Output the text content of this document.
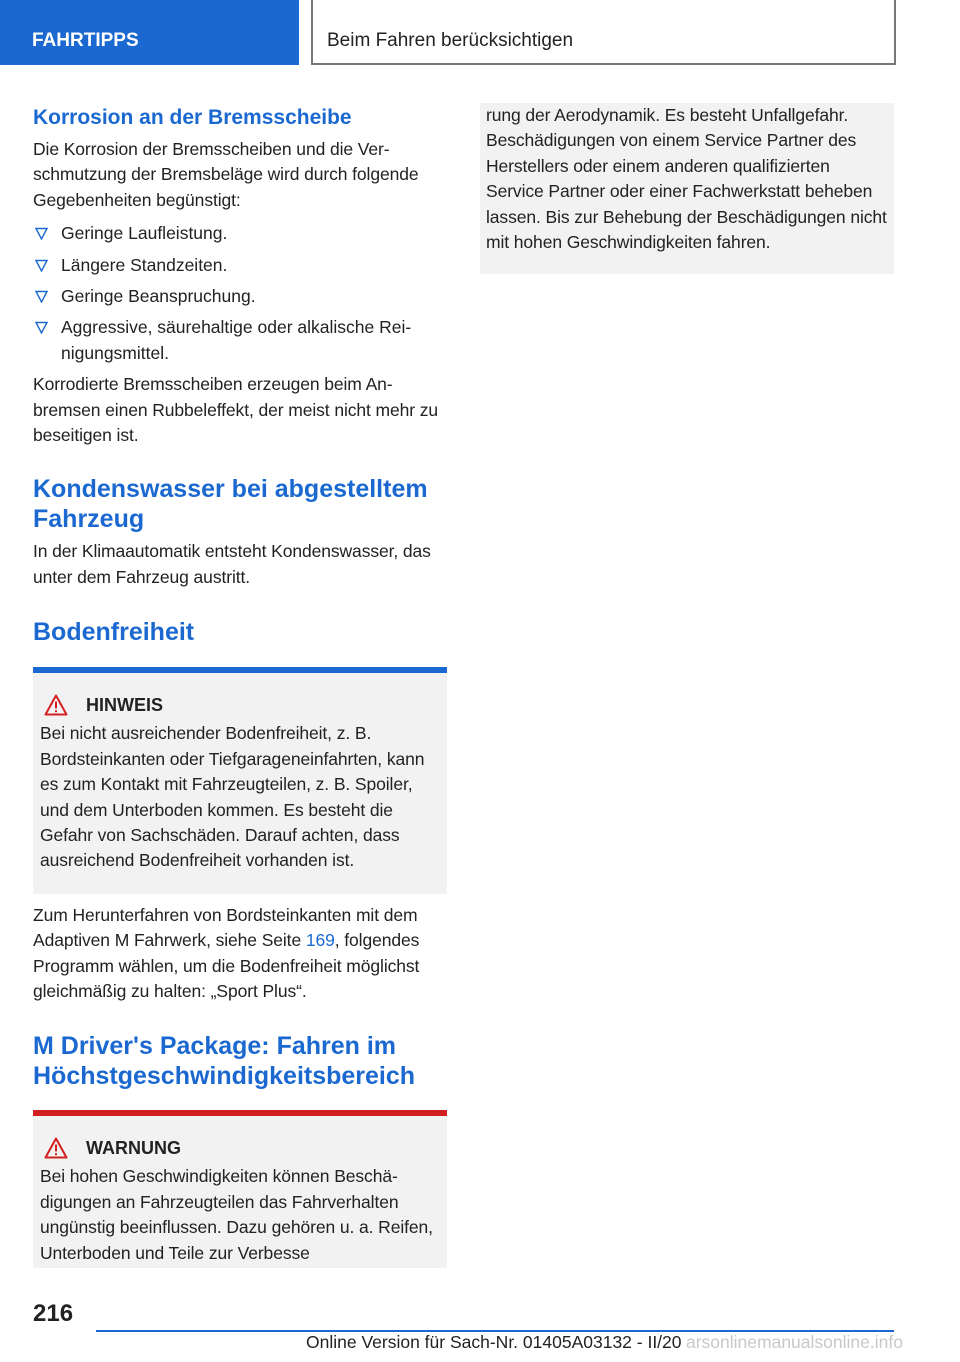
FAHRTIPPS	Beim Fahren berücksichtigen
Korrosion an der Bremsscheibe

Die Korrosion der Bremsscheiben und die Verschmutzung der Bremsbeläge wird durch folgende Gegebenheiten begünstigt:

Geringe Laufleistung.
Längere Standzeiten.
Geringe Beanspruchung.
Aggressive, säurehaltige oder alkalische Reinigungsmittel.

Korrodierte Bremsscheiben erzeugen beim Anbremsen einen Rubbeleffekt, der meist nicht mehr zu beseitigen ist.

Kondenswasser bei abgestelltem Fahrzeug

In der Klimaautomatik entsteht Kondenswasser, das unter dem Fahrzeug austritt.

Bodenfreiheit
HINWEIS

Bei nicht ausreichender Bodenfreiheit, z. B. Bordsteinkanten oder Tiefgarageneinfahrten, kann es zum Kontakt mit Fahrzeugteilen, z. B. Spoiler, und dem Unterboden kommen. Es besteht die Gefahr von Sachschäden. Darauf achten, dass ausreichend Bodenfreiheit vorhanden ist.

Zum Herunterfahren von Bordsteinkanten mit dem Adaptiven M Fahrwerk, siehe Seite 169, folgendes Programm wählen, um die Bodenfreiheit möglichst gleichmäßig zu halten: „Sport Plus“.

M Driver's Package: Fahren im Höchstgeschwindigkeitsbereich
WARNUNG

Bei hohen Geschwindigkeiten können Beschädigungen an Fahrzeugteilen das Fahrverhalten ungünstig beeinflussen. Dazu gehören u. a. Reifen, Unterboden und Teile zur Verbesse

rung der Aerodynamik. Es besteht Unfallgefahr. Beschädigungen von einem Service Partner des Herstellers oder einem anderen qualifizierten Service Partner oder einer Fachwerkstatt beheben lassen. Bis zur Behebung der Beschädigungen nicht mit hohen Geschwindigkeiten fahren.

216
Online Version für Sach-Nr. 01405A03132 - II/20 arsonlinemanualsonline.info
